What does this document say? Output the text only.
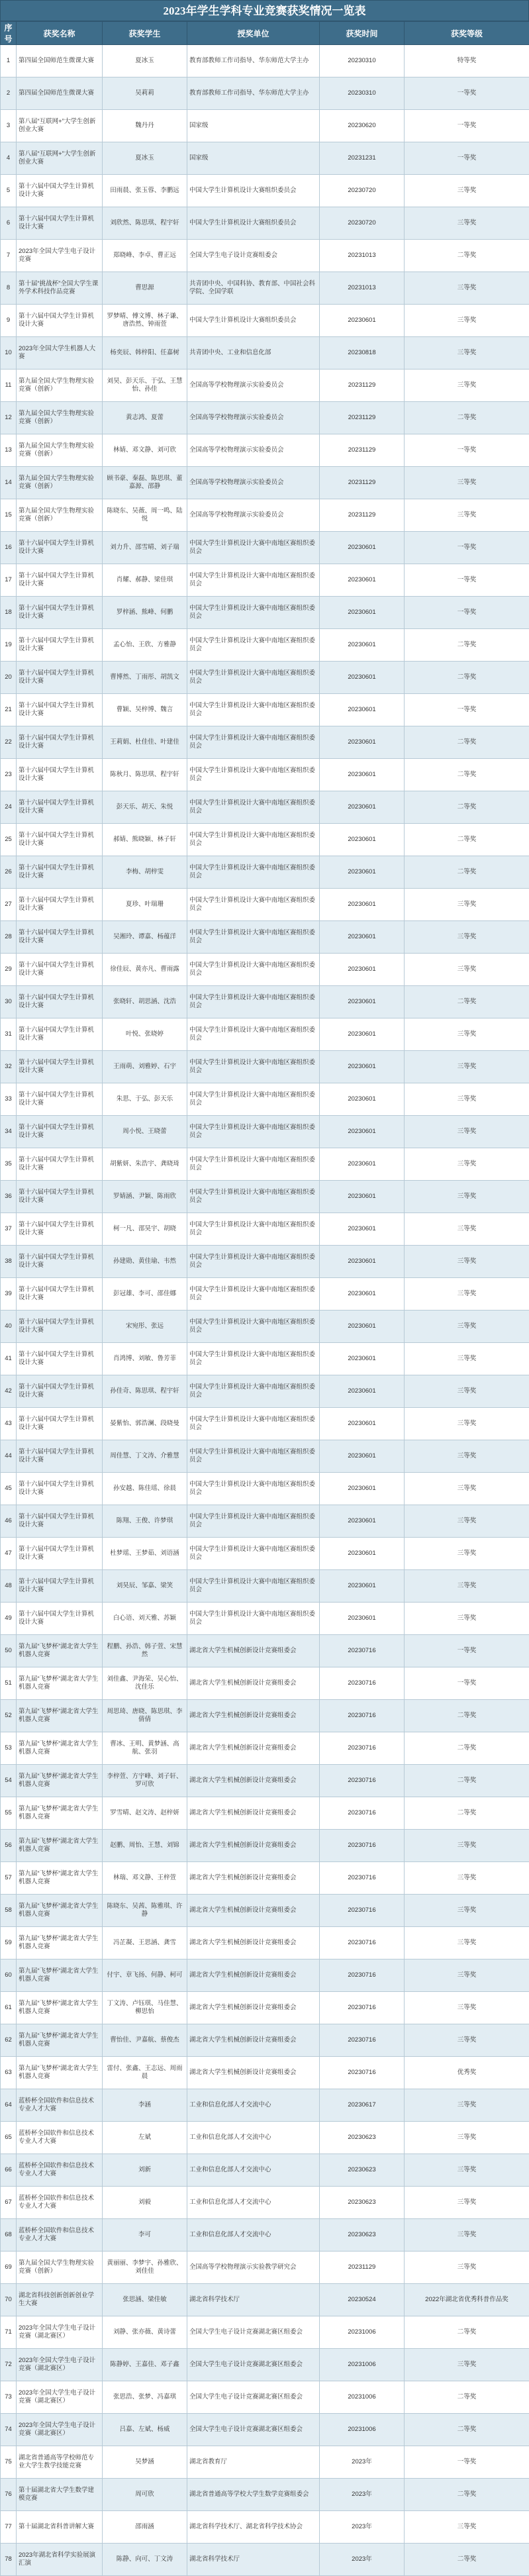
2023年学生学科专业竞赛获奖情况一览表
序号	获奖名称	获奖学生	授奖单位	获奖时间	获奖等级
1	第四届全国师范生微课大赛	夏冰玉	教育部教师工作司指导、华东师范大学主办	20230310	特等奖
2	第四届全国师范生微课大赛	吴莉莉	教育部教师工作司指导、华东师范大学主办	20230310	一等奖
3	第八届“互联网+”大学生创新创业大赛	魏丹丹	国家级	20230620	一等奖
4	第八届“互联网+”大学生创新创业大赛	夏冰玉	国家级	20231231	一等奖
5	第十六届中国大学生计算机设计大赛	田雨晨、张玉蓉、李鹏远	中国大学生计算机设计大赛组织委员会	20230720	三等奖
6	第十六届中国大学生计算机设计大赛	刘欣然、陈思琪、程宇轩	中国大学生计算机设计大赛组织委员会	20230720	三等奖
7	2023年全国大学生电子设计竞赛	郑晓峰、李卓、曹正远	全国大学生电子设计竞赛组委会	20231013	二等奖
8	第十届“挑战杯”全国大学生课外学术科技作品竞赛	曹思源	共青团中央、中国科协、教育部、中国社会科学院、全国学联	20231013	三等奖
9	第十六届中国大学生计算机设计大赛	罗梦晴、傅文博、林子谦、唐浩然、钟雨萱	中国大学生计算机设计大赛组织委员会	20230601	三等奖
10	2023年全国大学生机器人大赛	杨奕辰、韩梓阳、任嘉树	共青团中央、工业和信息化部	20230818	三等奖
11	第九届全国大学生物理实验竞赛（创新）	刘昊、彭天乐、于弘、王慧怡、孙佳	全国高等学校物理演示实验委员会	20231129	三等奖
12	第九届全国大学生物理实验竞赛（创新）	黄志鸿、夏蕾	全国高等学校物理演示实验委员会	20231129	二等奖
13	第九届全国大学生物理实验竞赛（创新）	林婧、邓文静、刘可欣	全国高等学校物理演示实验委员会	20231129	一等奖
14	第九届全国大学生物理实验竞赛（创新）	顾书豪、秦磊、陈思琪、董嘉源、邵静	全国高等学校物理演示实验委员会	20231129	三等奖
15	第九届全国大学生物理实验竞赛（创新）	陈晓东、吴薇、周一鸣、陆悦	全国高等学校物理演示实验委员会	20231129	三等奖
16	第十六届中国大学生计算机设计大赛	刘力升、邵雪晴、刘子瑞	中国大学生计算机设计大赛中南地区赛组织委员会	20230601	一等奖
17	第十六届中国大学生计算机设计大赛	肖耀、郝静、梁佳琪	中国大学生计算机设计大赛中南地区赛组织委员会	20230601	一等奖
18	第十六届中国大学生计算机设计大赛	罗梓涵、熊峰、何鹏	中国大学生计算机设计大赛中南地区赛组织委员会	20230601	一等奖
19	第十六届中国大学生计算机设计大赛	孟心怡、王欣、方雅静	中国大学生计算机设计大赛中南地区赛组织委员会	20230601	二等奖
20	第十六届中国大学生计算机设计大赛	曹博然、丁雨彤、胡凯文	中国大学生计算机设计大赛中南地区赛组织委员会	20230601	二等奖
21	第十六届中国大学生计算机设计大赛	曹颖、吴梓博、魏言	中国大学生计算机设计大赛中南地区赛组织委员会	20230601	一等奖
22	第十六届中国大学生计算机设计大赛	王莉娟、杜佳佳、叶建佳	中国大学生计算机设计大赛中南地区赛组织委员会	20230601	二等奖
23	第十六届中国大学生计算机设计大赛	陈秋月、陈思琪、程宇轩	中国大学生计算机设计大赛中南地区赛组织委员会	20230601	二等奖
24	第十六届中国大学生计算机设计大赛	彭天乐、胡天、朱悦	中国大学生计算机设计大赛中南地区赛组织委员会	20230601	二等奖
25	第十六届中国大学生计算机设计大赛	郝婧、熊晓颖、林子轩	中国大学生计算机设计大赛中南地区赛组织委员会	20230601	二等奖
26	第十六届中国大学生计算机设计大赛	李梅、胡梓雯	中国大学生计算机设计大赛中南地区赛组织委员会	20230601	二等奖
27	第十六届中国大学生计算机设计大赛	夏珍、叶瑞珊	中国大学生计算机设计大赛中南地区赛组织委员会	20230601	三等奖
28	第十六届中国大学生计算机设计大赛	吴湘玲、谭嘉、杨蕴洋	中国大学生计算机设计大赛中南地区赛组织委员会	20230601	三等奖
29	第十六届中国大学生计算机设计大赛	徐佳辰、黄亦凡、曹雨露	中国大学生计算机设计大赛中南地区赛组织委员会	20230601	三等奖
30	第十六届中国大学生计算机设计大赛	张晓轩、胡思涵、沈浩	中国大学生计算机设计大赛中南地区赛组织委员会	20230601	二等奖
31	第十六届中国大学生计算机设计大赛	叶悦、张晓婷	中国大学生计算机设计大赛中南地区赛组织委员会	20230601	三等奖
32	第十六届中国大学生计算机设计大赛	王雨萌、刘雅婷、石宇	中国大学生计算机设计大赛中南地区赛组织委员会	20230601	三等奖
33	第十六届中国大学生计算机设计大赛	朱思、于弘、彭天乐	中国大学生计算机设计大赛中南地区赛组织委员会	20230601	三等奖
34	第十六届中国大学生计算机设计大赛	周小悦、王晓蕾	中国大学生计算机设计大赛中南地区赛组织委员会	20230601	三等奖
35	第十六届中国大学生计算机设计大赛	胡紫妍、朱浩宇、龚晓琦	中国大学生计算机设计大赛中南地区赛组织委员会	20230601	三等奖
36	第十六届中国大学生计算机设计大赛	罗婧涵、尹颖、陈雨欣	中国大学生计算机设计大赛中南地区赛组织委员会	20230601	三等奖
37	第十六届中国大学生计算机设计大赛	柯一凡、邵昊宇、胡晓	中国大学生计算机设计大赛中南地区赛组织委员会	20230601	三等奖
38	第十六届中国大学生计算机设计大赛	孙建勋、黄佳瑜、韦然	中国大学生计算机设计大赛中南地区赛组织委员会	20230601	三等奖
39	第十六届中国大学生计算机设计大赛	彭冠雄、李可、邵佳娜	中国大学生计算机设计大赛中南地区赛组织委员会	20230601	三等奖
40	第十六届中国大学生计算机设计大赛	宋宛彤、张远	中国大学生计算机设计大赛中南地区赛组织委员会	20230601	三等奖
41	第十六届中国大学生计算机设计大赛	肖鸿博、刘敏、鲁芳菲	中国大学生计算机设计大赛中南地区赛组织委员会	20230601	三等奖
42	第十六届中国大学生计算机设计大赛	孙佳奇、陈思琪、程宇轩	中国大学生计算机设计大赛中南地区赛组织委员会	20230601	三等奖
43	第十六届中国大学生计算机设计大赛	晏紫怡、郭浩澜、段晓曼	中国大学生计算机设计大赛中南地区赛组织委员会	20230601	三等奖
44	第十六届中国大学生计算机设计大赛	周佳慧、丁文涛、介雅慧	中国大学生计算机设计大赛中南地区赛组织委员会	20230601	三等奖
45	第十六届中国大学生计算机设计大赛	孙安越、陈佳瑶、徐晨	中国大学生计算机设计大赛中南地区赛组织委员会	20230601	三等奖
46	第十六届中国大学生计算机设计大赛	陈翔、王俊、许梦琪	中国大学生计算机设计大赛中南地区赛组织委员会	20230601	三等奖
47	第十六届中国大学生计算机设计大赛	杜梦瑶、王梦茹、刘语涵	中国大学生计算机设计大赛中南地区赛组织委员会	20230601	三等奖
48	第十六届中国大学生计算机设计大赛	刘昊辰、邹嘉、梁笑	中国大学生计算机设计大赛中南地区赛组织委员会	20230601	三等奖
49	第十六届中国大学生计算机设计大赛	白心语、刘天雅、苏颖	中国大学生计算机设计大赛中南地区赛组织委员会	20230601	三等奖
50	第九届“飞梦杯”湖北省大学生机器人竞赛	程鹏、孙浩、韩子萱、宋慧然	湖北省大学生机械创新设计竞赛组委会	20230716	一等奖
51	第九届“飞梦杯”湖北省大学生机器人竞赛	刘佳鑫、尹海荣、吴心怡、沈佳乐	湖北省大学生机械创新设计竞赛组委会	20230716	一等奖
52	第九届“飞梦杯”湖北省大学生机器人竞赛	周思琦、唐晓、陈思琪、李倩倩	湖北省大学生机械创新设计竞赛组委会	20230716	二等奖
53	第九届“飞梦杯”湖北省大学生机器人竞赛	曹冰、王明、黄梦涵、高航、张羽	湖北省大学生机械创新设计竞赛组委会	20230716	二等奖
54	第九届“飞梦杯”湖北省大学生机器人竞赛	李梓萱、方宇峰、刘子轩、罗可欣	湖北省大学生机械创新设计竞赛组委会	20230716	二等奖
55	第九届“飞梦杯”湖北省大学生机器人竞赛	罗雪晴、赵文涛、赵梓妍	湖北省大学生机械创新设计竞赛组委会	20230716	二等奖
56	第九届“飞梦杯”湖北省大学生机器人竞赛	赵鹏、周怡、王慧、刘锦	湖北省大学生机械创新设计竞赛组委会	20230716	三等奖
57	第九届“飞梦杯”湖北省大学生机器人竞赛	林瑞、邓文静、王梓萱	湖北省大学生机械创新设计竞赛组委会	20230716	三等奖
58	第九届“飞梦杯”湖北省大学生机器人竞赛	陈晓东、吴茜、陈雅琪、许静	湖北省大学生机械创新设计竞赛组委会	20230716	三等奖
59	第九届“飞梦杯”湖北省大学生机器人竞赛	冯芷凝、王思涵、龚雪	湖北省大学生机械创新设计竞赛组委会	20230716	三等奖
60	第九届“飞梦杯”湖北省大学生机器人竞赛	付宇、章飞扬、何静、柯可	湖北省大学生机械创新设计竞赛组委会	20230716	三等奖
61	第九届“飞梦杯”湖北省大学生机器人竞赛	丁文涛、卢钰琪、马佳慧、柳思怡	湖北省大学生机械创新设计竞赛组委会	20230716	三等奖
62	第九届“飞梦杯”湖北省大学生机器人竞赛	曹怡佳、尹嘉航、蔡俊杰	湖北省大学生机械创新设计竞赛组委会	20230716	三等奖
63	第九届“飞梦杯”湖北省大学生机器人竞赛	雷付、张鑫、王志远、周雨晨	湖北省大学生机械创新设计竞赛组委会	20230716	优秀奖
64	蓝桥杯全国软件和信息技术专业人才大赛	李涵	工业和信息化部人才交流中心	20230617	三等奖
65	蓝桥杯全国软件和信息技术专业人才大赛	左斌	工业和信息化部人才交流中心	20230623	三等奖
66	蓝桥杯全国软件和信息技术专业人才大赛	刘新	工业和信息化部人才交流中心	20230623	三等奖
67	蓝桥杯全国软件和信息技术专业人才大赛	刘毅	工业和信息化部人才交流中心	20230623	三等奖
68	蓝桥杯全国软件和信息技术专业人才大赛	李可	工业和信息化部人才交流中心	20230623	三等奖
69	第九届全国大学生物理实验竞赛（创新）	黄丽丽、李梦宇、孙雅欣、刘佳佳	全国高等学校物理演示实验教学研究会	20231129	三等奖
70	湖北省科技创新创新创业学生大赛	张思涵、梁佳敏	湖北省科学技术厅	20230524	2022年湖北省优秀科普作品奖
71	2023年全国大学生电子设计竞赛（湖北赛区）	刘静、张亦薇、黄诗蕾	全国大学生电子设计竞赛湖北赛区组委会	20231006	二等奖
72	2023年全国大学生电子设计竞赛（湖北赛区）	陈静婷、王嘉佳、邓子鑫	全国大学生电子设计竞赛湖北赛区组委会	20231006	三等奖
73	2023年全国大学生电子设计竞赛（湖北赛区）	张思浩、张梦、冯嘉琪	全国大学生电子设计竞赛湖北赛区组委会	20231006	二等奖
74	2023年全国大学生电子设计竞赛（湖北赛区）	吕嘉、左斌、杨威	全国大学生电子设计竞赛湖北赛区组委会	20231006	二等奖
75	湖北省普通高等学校师范专业大学生教学技能竞赛	吴梦涵	湖北省教育厅	2023年	一等奖
76	第十届湖北省大学生数学建模竞赛	周可欣	湖北省普通高等学校大学生数学竞赛组委会	2023年	二等奖
77	第十届湖北省科普讲解大赛	邵雨涵	湖北省科学技术厅、湖北省科学技术协会	2023年	三等奖
78	2023年湖北省科学实验展演汇演	陈静、向可、丁文涛	湖北省科学技术厅	2023年	二等奖
